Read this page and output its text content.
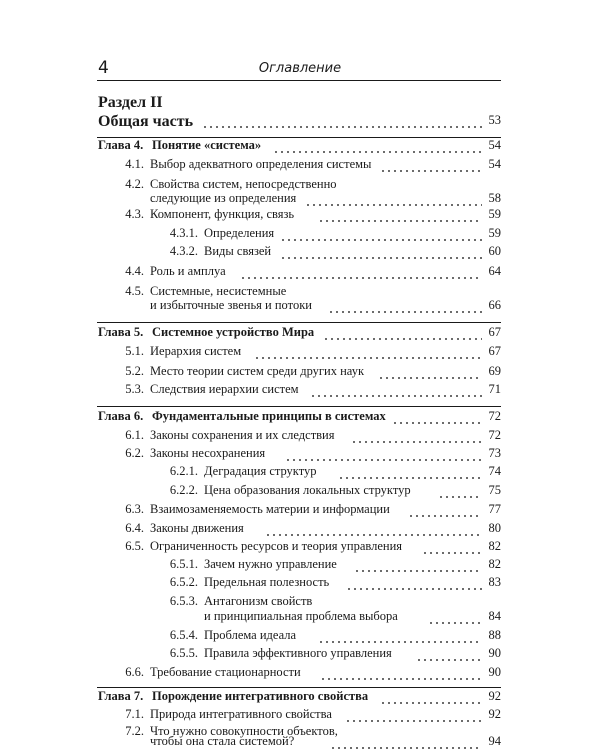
4	Оглавление
Раздел II
Общая часть	53
Глава 4. Понятие «система»	54
4.1. Выбор адекватного определения системы	54
4.2. Свойства систем, непосредственно
следующие из определения	58
4.3. Компонент, функция, связь	59
4.3.1. Определения	59
4.3.2. Виды связей	60
4.4. Роль и амплуа	64
4.5. Системные, несистемные
и избыточные звенья и потоки	66
Глава 5. Системное устройство Мира	67
5.1. Иерархия систем	67
5.2. Место теории систем среди других наук	69
5.3. Следствия иерархии систем	71
Глава 6. Фундаментальные принципы в системах	72
6.1. Законы сохранения и их следствия	72
6.2. Законы несохранения	73
6.2.1. Деградация структур	74
6.2.2. Цена образования локальных структур	75
6.3. Взаимозаменяемость материи и информации	77
6.4. Законы движения	80
6.5. Ограниченность ресурсов и теория управления	82
6.5.1. Зачем нужно управление	82
6.5.2. Предельная полезность	83
6.5.3. Антагонизм свойств
и принципиальная проблема выбора	84
6.5.4. Проблема идеала	88
6.5.5. Правила эффективного управления	90
6.6. Требование стационарности	90
Глава 7. Порождение интегративного свойства	92
7.1. Природа интегративного свойства	92
7.2. Что нужно совокупности объектов,
чтобы она стала системой?	94
